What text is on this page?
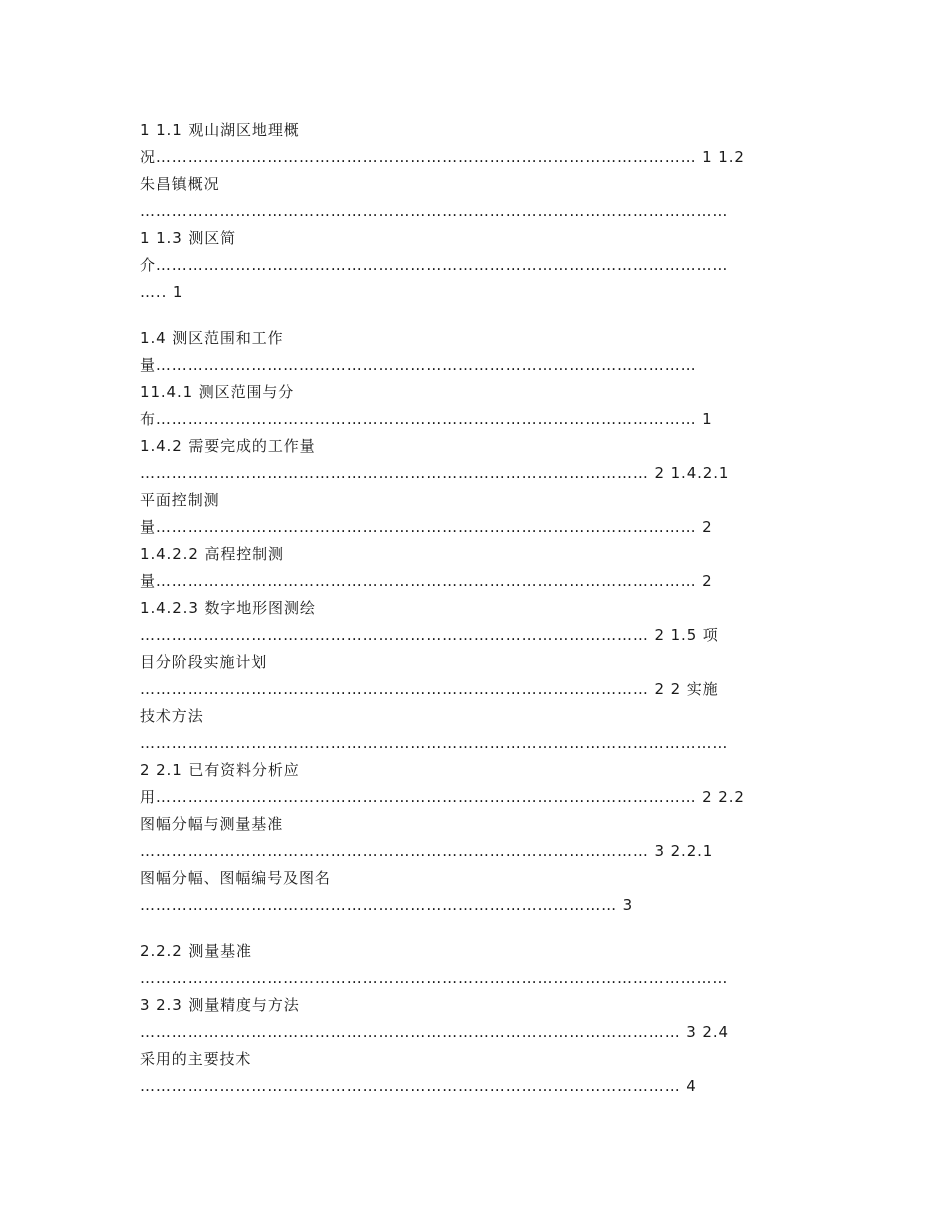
1 1.1 观山湖区地理概
况………………………………………………………………………………………… 1 1.2
朱昌镇概况
…………………………………………………………………………………………………
1 1.3 测区简
介………………………………………………………………………………………………
….. 1
1.4 测区范围和工作
量…………………………………………………………………………………………
11.4.1 测区范围与分
布………………………………………………………………………………………… 1
1.4.2 需要完成的工作量
…………………………………………………………………………………… 2 1.4.2.1
平面控制测
量………………………………………………………………………………………… 2
1.4.2.2 高程控制测
量………………………………………………………………………………………… 2
1.4.2.3 数字地形图测绘
…………………………………………………………………………………… 2 1.5 项
目分阶段实施计划
…………………………………………………………………………………… 2 2 实施
技术方法
…………………………………………………………………………………………………
2 2.1 已有资料分析应
用………………………………………………………………………………………… 2 2.2
图幅分幅与测量基准
…………………………………………………………………………………… 3 2.2.1
图幅分幅、图幅编号及图名
……………………………………………………………………………… 3
2.2.2 测量基准
…………………………………………………………………………………………………
3 2.3 测量精度与方法
………………………………………………………………………………………… 3 2.4
采用的主要技术
………………………………………………………………………………………… 4
